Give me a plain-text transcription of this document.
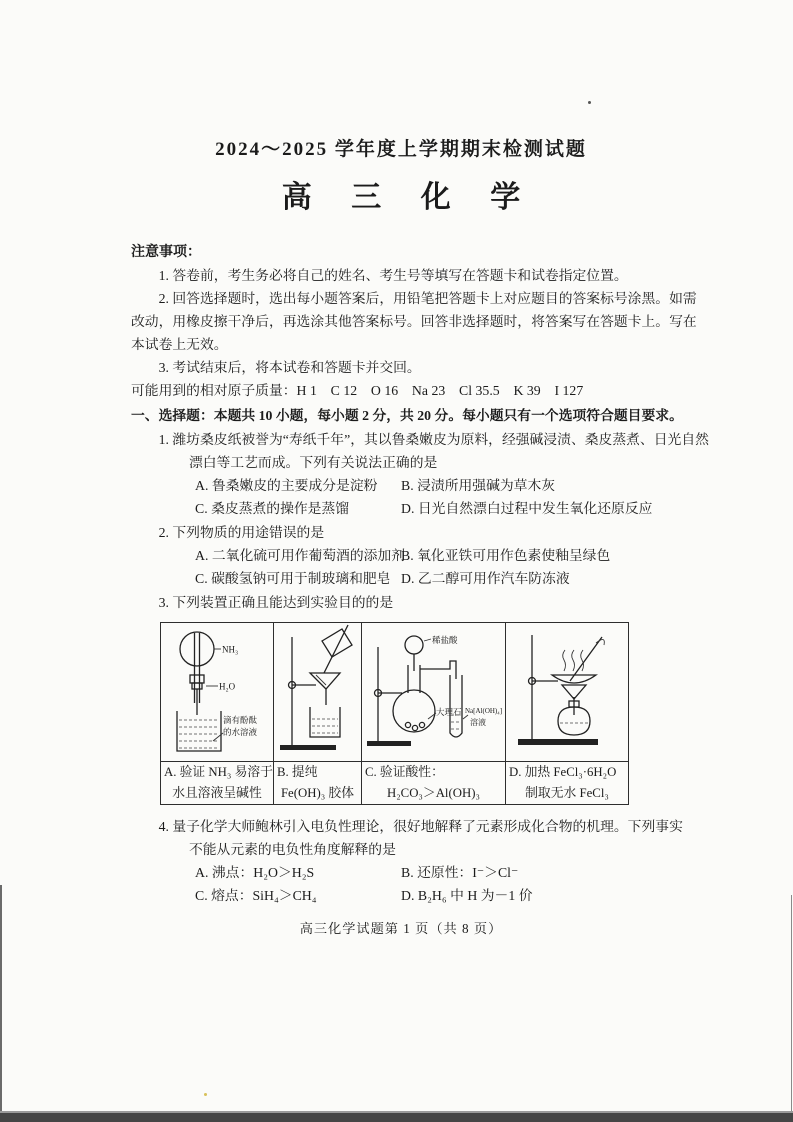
2024～2025 学年度上学期期末检测试题
高 三 化 学
注意事项：
1. 答卷前，考生务必将自己的姓名、考生号等填写在答题卡和试卷指定位置。
2. 回答选择题时，选出每小题答案后，用铅笔把答题卡上对应题目的答案标号涂黑。如需
改动，用橡皮擦干净后，再选涂其他答案标号。回答非选择题时，将答案写在答题卡上。写在
本试卷上无效。
3. 考试结束后，将本试卷和答题卡并交回。
可能用到的相对原子质量：H 1　C 12　O 16　Na 23　Cl 35.5　K 39　I 127
一、选择题：本题共 10 小题，每小题 2 分，共 20 分。每小题只有一个选项符合题目要求。
1. 潍坊桑皮纸被誉为“寿纸千年”，其以鲁桑嫩皮为原料，经强碱浸渍、桑皮蒸煮、日光自然
漂白等工艺而成。下列有关说法正确的是
A. 鲁桑嫩皮的主要成分是淀粉	B. 浸渍所用强碱为草木灰
C. 桑皮蒸煮的操作是蒸馏	D. 日光自然漂白过程中发生氧化还原反应
2. 下列物质的用途错误的是
A. 二氧化硫可用作葡萄酒的添加剂
B. 氧化亚铁可用作色素使釉呈绿色
C. 碳酸氢钠可用于制玻璃和肥皂 D. 乙二醇可用作汽车防冻液
3. 下列装置正确且能达到实验目的的是
NH₃
H₂O
滴有酚酞
的水溶液		稀盐酸
大理石 Na[Al(OH)₄]
溶液

A. 验证 NH₃ 易溶于
水且溶液呈碱性

B. 提纯
Fe(OH)₃ 胶体

C. 验证酸性：
H₂CO₃＞Al(OH)₃

D. 加热 FeCl₃·6H₂O
制取无水 FeCl₃
4. 量子化学大师鲍林引入电负性理论，很好地解释了元素形成化合物的机理。下列事实
不能从元素的电负性角度解释的是
A. 沸点：H₂O＞H₂S	B. 还原性：I⁻＞Cl⁻
C. 熔点：SiH₄＞CH₄	D. B₂H₆ 中 H 为－1 价
高三化学试题第 1 页（共 8 页）
